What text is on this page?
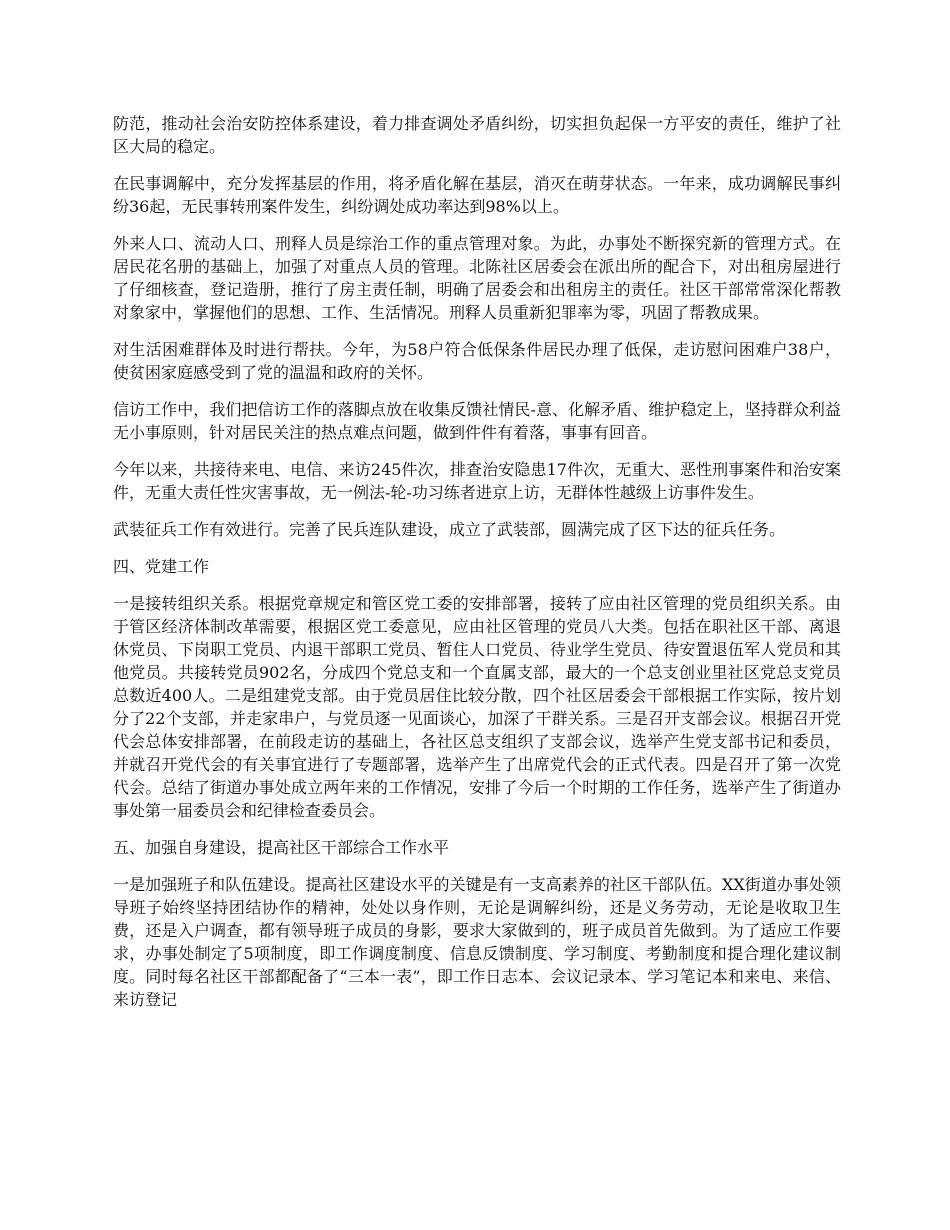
防范，推动社会治安防控体系建设，着力排查调处矛盾纠纷，切实担负起保一方平安的责任，维护了社区大局的稳定。

在民事调解中，充分发挥基层的作用，将矛盾化解在基层，消灭在萌芽状态。一年来，成功调解民事纠纷36起，无民事转刑案件发生，纠纷调处成功率达到98%以上。

外来人口、流动人口、刑释人员是综治工作的重点管理对象。为此，办事处不断探究新的管理方式。在居民花名册的基础上，加强了对重点人员的管理。北陈社区居委会在派出所的配合下，对出租房屋进行了仔细核查，登记造册，推行了房主责任制，明确了居委会和出租房主的责任。社区干部常常深化帮教对象家中，掌握他们的思想、工作、生活情况。刑释人员重新犯罪率为零，巩固了帮教成果。

对生活困难群体及时进行帮扶。今年，为58户符合低保条件居民办理了低保，走访慰问困难户38户，使贫困家庭感受到了党的温温和政府的关怀。

信访工作中，我们把信访工作的落脚点放在收集反馈社情民-意、化解矛盾、维护稳定上，坚持群众利益无小事原则，针对居民关注的热点难点问题，做到件件有着落，事事有回音。

今年以来，共接待来电、电信、来访245件次，排查治安隐患17件次，无重大、恶性刑事案件和治安案件，无重大责任性灾害事故，无一例法-轮-功习练者进京上访，无群体性越级上访事件发生。

武装征兵工作有效进行。完善了民兵连队建设，成立了武装部，圆满完成了区下达的征兵任务。

四、党建工作

一是接转组织关系。根据党章规定和管区党工委的安排部署，接转了应由社区管理的党员组织关系。由于管区经济体制改革需要，根据区党工委意见，应由社区管理的党员八大类。包括在职社区干部、离退休党员、下岗职工党员、内退干部职工党员、暂住人口党员、待业学生党员、待安置退伍军人党员和其他党员。共接转党员902名，分成四个党总支和一个直属支部，最大的一个总支创业里社区党总支党员总数近400人。二是组建党支部。由于党员居住比较分散，四个社区居委会干部根据工作实际，按片划分了22个支部，并走家串户，与党员逐一见面谈心，加深了干群关系。三是召开支部会议。根据召开党代会总体安排部署，在前段走访的基础上，各社区总支组织了支部会议，选举产生党支部书记和委员，并就召开党代会的有关事宜进行了专题部署，选举产生了出席党代会的正式代表。四是召开了第一次党代会。总结了街道办事处成立两年来的工作情况，安排了今后一个时期的工作任务，选举产生了街道办事处第一届委员会和纪律检查委员会。

五、加强自身建设，提高社区干部综合工作水平

一是加强班子和队伍建设。提高社区建设水平的关键是有一支高素养的社区干部队伍。XX街道办事处领导班子始终坚持团结协作的精神，处处以身作则，无论是调解纠纷，还是义务劳动，无论是收取卫生费，还是入户调查，都有领导班子成员的身影，要求大家做到的，班子成员首先做到。为了适应工作要求，办事处制定了5项制度，即工作调度制度、信息反馈制度、学习制度、考勤制度和提合理化建议制度。同时每名社区干部都配备了“三本一表”，即工作日志本、会议记录本、学习笔记本和来电、来信、来访登记
